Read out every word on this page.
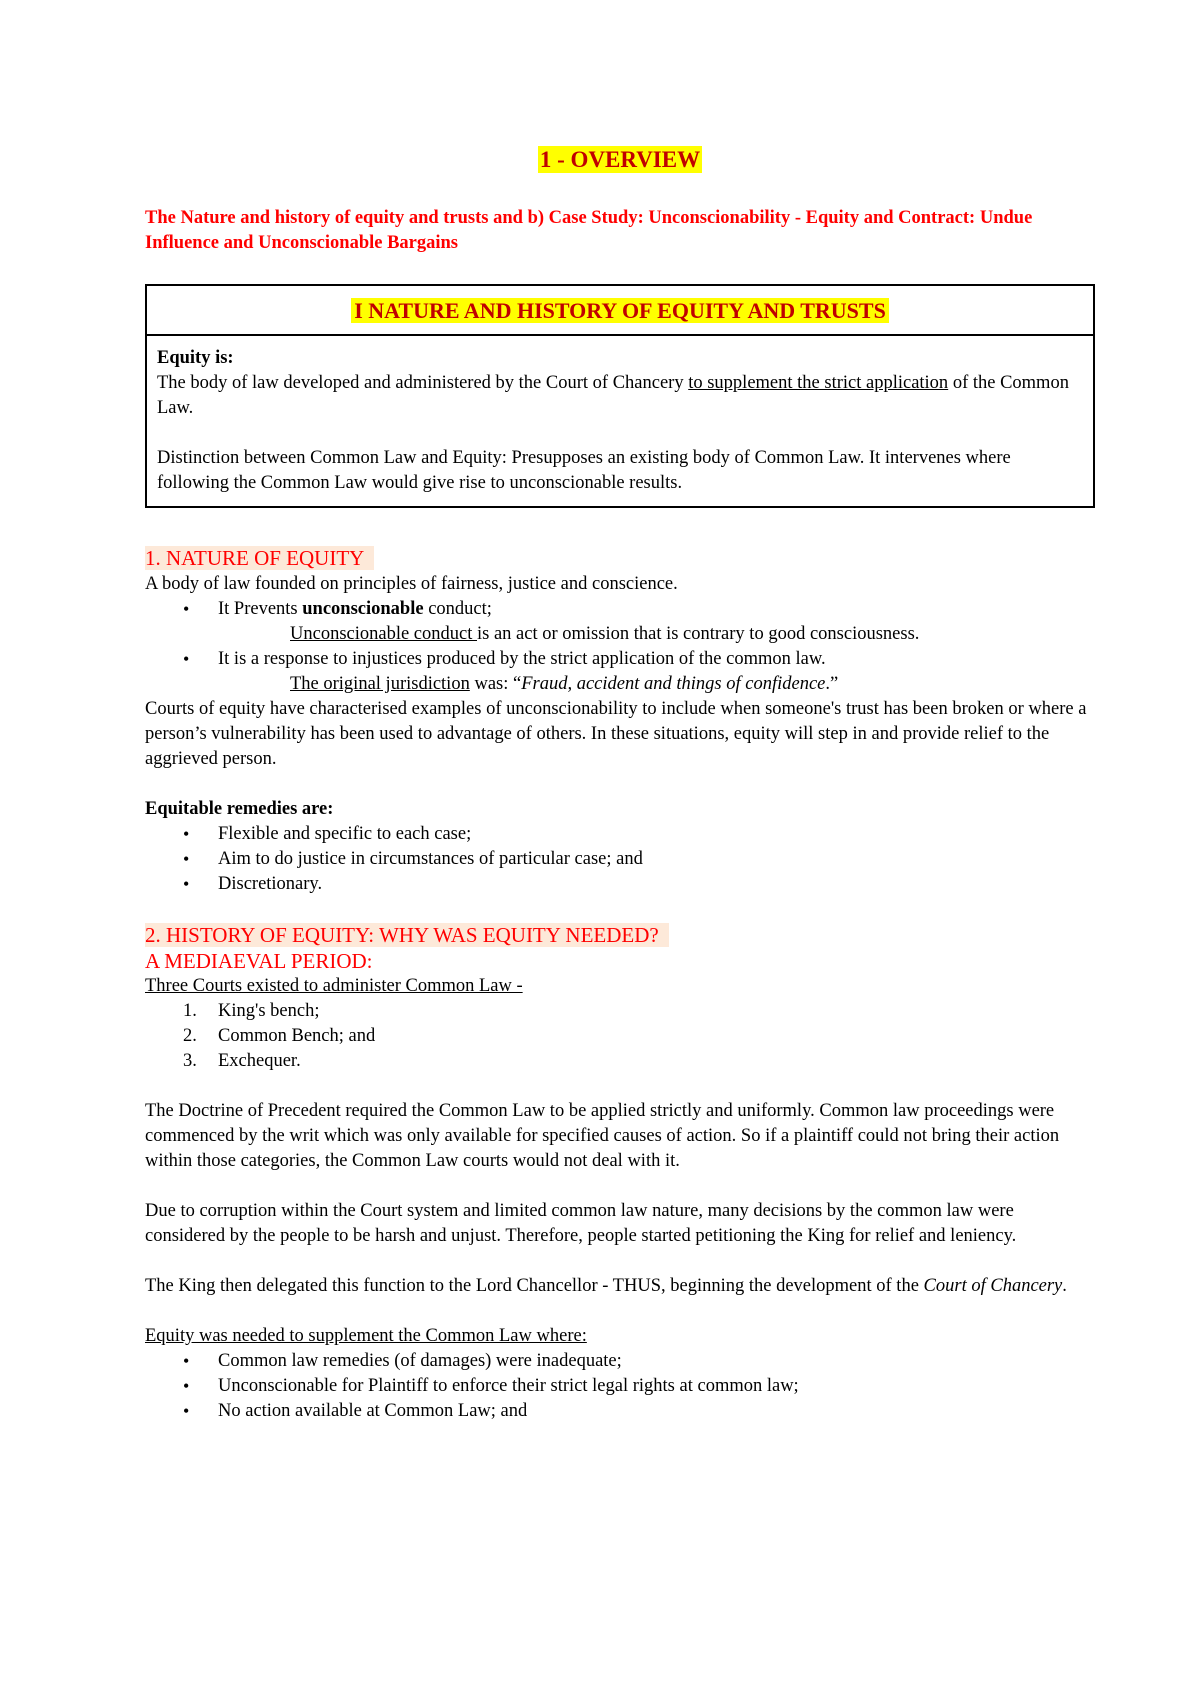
1 - OVERVIEW
The Nature and history of equity and trusts and b) Case Study: Unconscionability - Equity and Contract: Undue Influence and Unconscionable Bargains
I NATURE AND HISTORY OF EQUITY AND TRUSTS

Equity is:

The body of law developed and administered by the Court of Chancery to supplement the strict application of the Common Law.

Distinction between Common Law and Equity: Presupposes an existing body of Common Law. It intervenes where following the Common Law would give rise to unconscionable results.

1. NATURE OF EQUITY

A body of law founded on principles of fairness, justice and conscience.

• It Prevents unconscionable conduct;

Unconscionable conduct is an act or omission that is contrary to good consciousness.

• It is a response to injustices produced by the strict application of the common law.

The original jurisdiction was: “Fraud, accident and things of confidence.”

Courts of equity have characterised examples of unconscionability to include when someone's trust has been broken or where a person’s vulnerability has been used to advantage of others. In these situations, equity will step in and provide relief to the aggrieved person.

Equitable remedies are:

• Flexible and specific to each case;

• Aim to do justice in circumstances of particular case; and

• Discretionary.

2. HISTORY OF EQUITY: WHY WAS EQUITY NEEDED?

A MEDIAEVAL PERIOD:

Three Courts existed to administer Common Law -

1. King's bench;

2. Common Bench; and

3. Exchequer.

The Doctrine of Precedent required the Common Law to be applied strictly and uniformly. Common law proceedings were commenced by the writ which was only available for specified causes of action. So if a plaintiff could not bring their action within those categories, the Common Law courts would not deal with it.

Due to corruption within the Court system and limited common law nature, many decisions by the common law were considered by the people to be harsh and unjust. Therefore, people started petitioning the King for relief and leniency.

The King then delegated this function to the Lord Chancellor - THUS, beginning the development of the Court of Chancery.

Equity was needed to supplement the Common Law where:

• Common law remedies (of damages) were inadequate;

• Unconscionable for Plaintiff to enforce their strict legal rights at common law;

• No action available at Common Law; and
